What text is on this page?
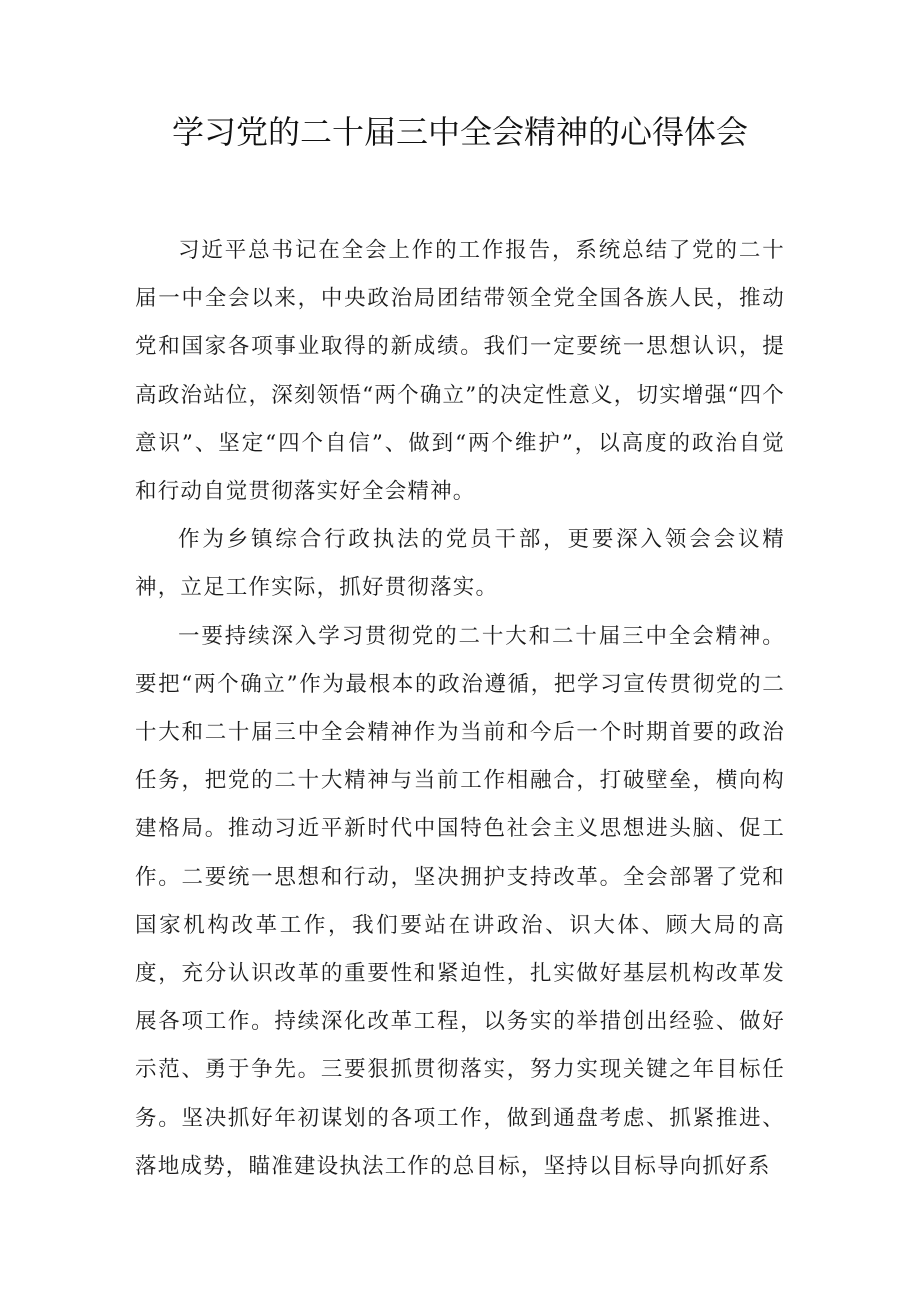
学习党的二十届三中全会精神的心得体会

习近平总书记在全会上作的工作报告，系统总结了党的二十届一中全会以来，中央政治局团结带领全党全国各族人民，推动党和国家各项事业取得的新成绩。我们一定要统一思想认识，提高政治站位，深刻领悟“两个确立”的决定性意义，切实增强“四个意识”、坚定“四个自信”、做到“两个维护”，以高度的政治自觉和行动自觉贯彻落实好全会精神。

作为乡镇综合行政执法的党员干部，更要深入领会会议精神，立足工作实际，抓好贯彻落实。

一要持续深入学习贯彻党的二十大和二十届三中全会精神。要把“两个确立”作为最根本的政治遵循，把学习宣传贯彻党的二十大和二十届三中全会精神作为当前和今后一个时期首要的政治任务，把党的二十大精神与当前工作相融合，打破壁垒，横向构建格局。推动习近平新时代中国特色社会主义思想进头脑、促工作。二要统一思想和行动，坚决拥护支持改革。全会部署了党和国家机构改革工作，我们要站在讲政治、识大体、顾大局的高度，充分认识改革的重要性和紧迫性，扎实做好基层机构改革发展各项工作。持续深化改革工程，以务实的举措创出经验、做好示范、勇于争先。三要狠抓贯彻落实，努力实现关键之年目标任务。坚决抓好年初谋划的各项工作，做到通盘考虑、抓紧推进、落地成势，瞄准建设执法工作的总目标，坚持以目标导向抓好系
